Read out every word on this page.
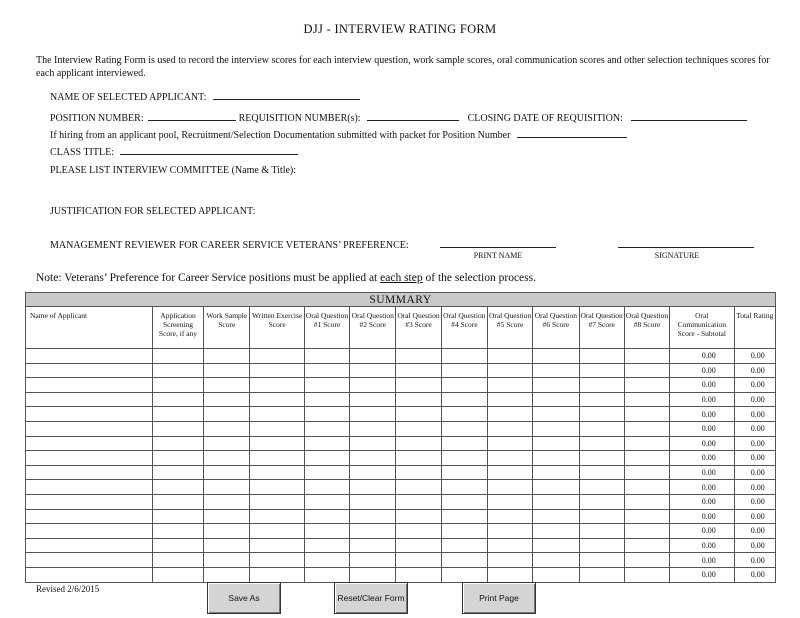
DJJ - INTERVIEW RATING FORM
The Interview Rating Form is used to record the interview scores for each interview question, work sample scores, oral communication scores and other selection techniques scores for each applicant interviewed.
NAME OF SELECTED APPLICANT:
POSITION NUMBER:	REQUISITION NUMBER(s):	CLOSING DATE OF REQUISITION:
If hiring from an applicant pool, Recruitment/Selection Documentation submitted with packet for Position Number
CLASS TITLE:
PLEASE LIST INTERVIEW COMMITTEE (Name & Title):
JUSTIFICATION FOR SELECTED APPLICANT:
MANAGEMENT REVIEWER FOR CAREER SERVICE VETERANS’ PREFERENCE:
PRINT NAME	SIGNATURE
Note: Veterans’ Preference for Career Service positions must be applied at each step of the selection process.
SUMMARY													
Name of Applicant	Application Screening Score, if any	Work Sample Score	Written Exercise Score	Oral Question #1 Score	Oral Question #2 Score	Oral Question #3 Score	Oral Question #4 Score	Oral Question #5 Score	Oral Question #6 Score	Oral Question #7 Score	Oral Question #8 Score	Oral Communication Score - Subtotal	Total Rating
												0.00	0.00
												0.00	0.00
												0.00	0.00
												0.00	0.00
												0.00	0.00
												0.00	0.00
												0.00	0.00
												0.00	0.00
												0.00	0.00
												0.00	0.00
												0.00	0.00
												0.00	0.00
												0.00	0.00
												0.00	0.00
												0.00	0.00
												0.00	0.00
Revised 2/6/2015
Save As	Reset/Clear Form	Print Page
